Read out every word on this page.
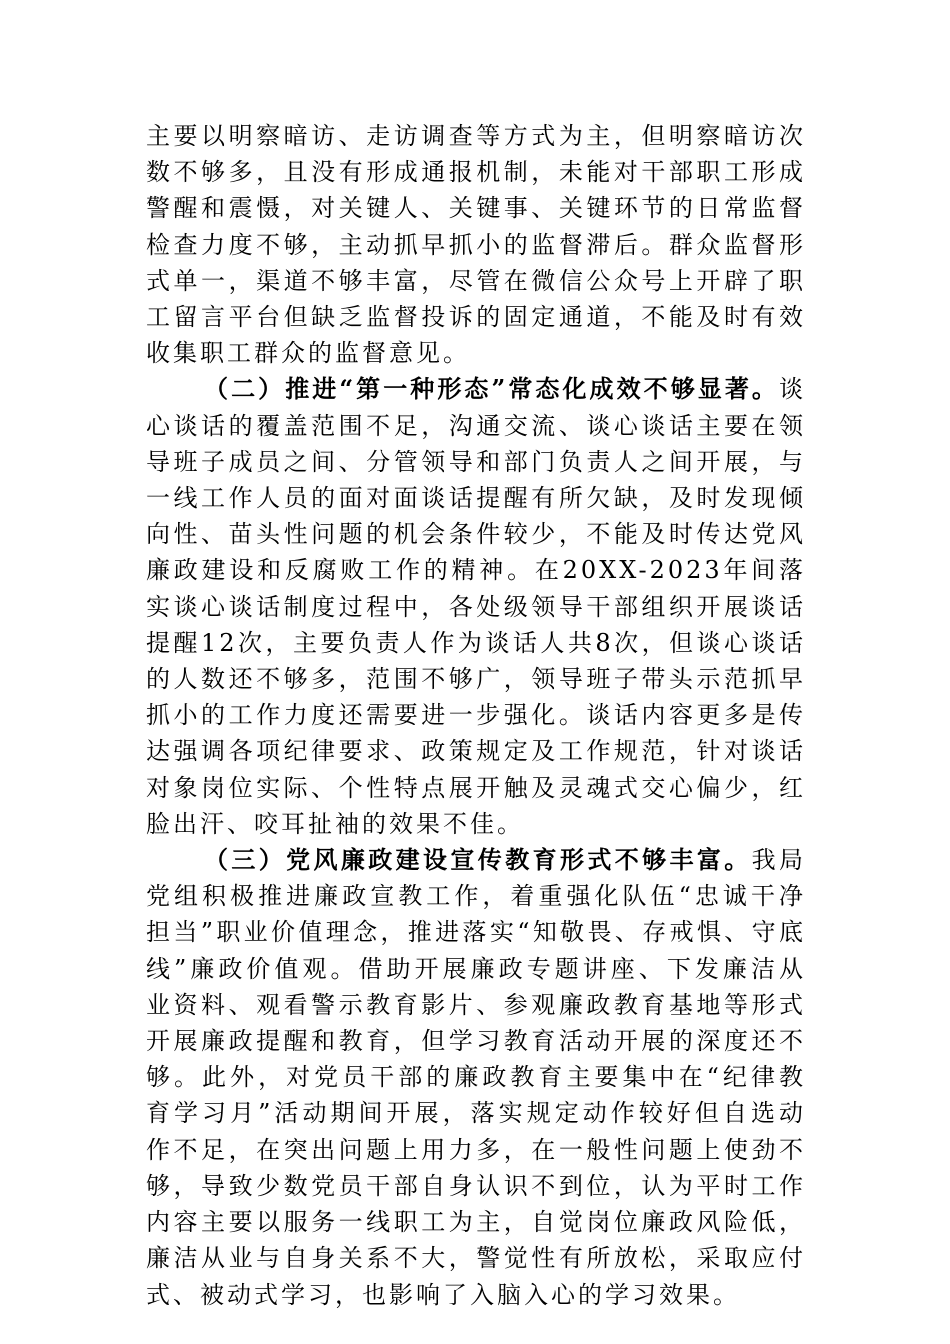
主要以明察暗访、走访调查等方式为主，但明察暗访次数不够多，且没有形成通报机制，未能对干部职工形成警醒和震慑，对关键人、关键事、关键环节的日常监督检查力度不够，主动抓早抓小的监督滞后。群众监督形式单一，渠道不够丰富，尽管在微信公众号上开辟了职工留言平台但缺乏监督投诉的固定通道，不能及时有效收集职工群众的监督意见。

（二）推进“第一种形态”常态化成效不够显著。谈心谈话的覆盖范围不足，沟通交流、谈心谈话主要在领导班子成员之间、分管领导和部门负责人之间开展，与一线工作人员的面对面谈话提醒有所欠缺，及时发现倾向性、苗头性问题的机会条件较少，不能及时传达党风廉政建设和反腐败工作的精神。在20XX-2023年间落实谈心谈话制度过程中，各处级领导干部组织开展谈话提醒12次，主要负责人作为谈话人共8次，但谈心谈话的人数还不够多，范围不够广，领导班子带头示范抓早抓小的工作力度还需要进一步强化。谈话内容更多是传达强调各项纪律要求、政策规定及工作规范，针对谈话对象岗位实际、个性特点展开触及灵魂式交心偏少，红脸出汗、咬耳扯袖的效果不佳。

（三）党风廉政建设宣传教育形式不够丰富。我局党组积极推进廉政宣教工作，着重强化队伍“忠诚干净担当”职业价值理念，推进落实“知敬畏、存戒惧、守底线”廉政价值观。借助开展廉政专题讲座、下发廉洁从业资料、观看警示教育影片、参观廉政教育基地等形式开展廉政提醒和教育，但学习教育活动开展的深度还不够。此外，对党员干部的廉政教育主要集中在“纪律教育学习月”活动期间开展，落实规定动作较好但自选动作不足，在突出问题上用力多，在一般性问题上使劲不够，导致少数党员干部自身认识不到位，认为平时工作内容主要以服务一线职工为主，自觉岗位廉政风险低，廉洁从业与自身关系不大，警觉性有所放松，采取应付式、被动式学习，也影响了入脑入心的学习效果。
